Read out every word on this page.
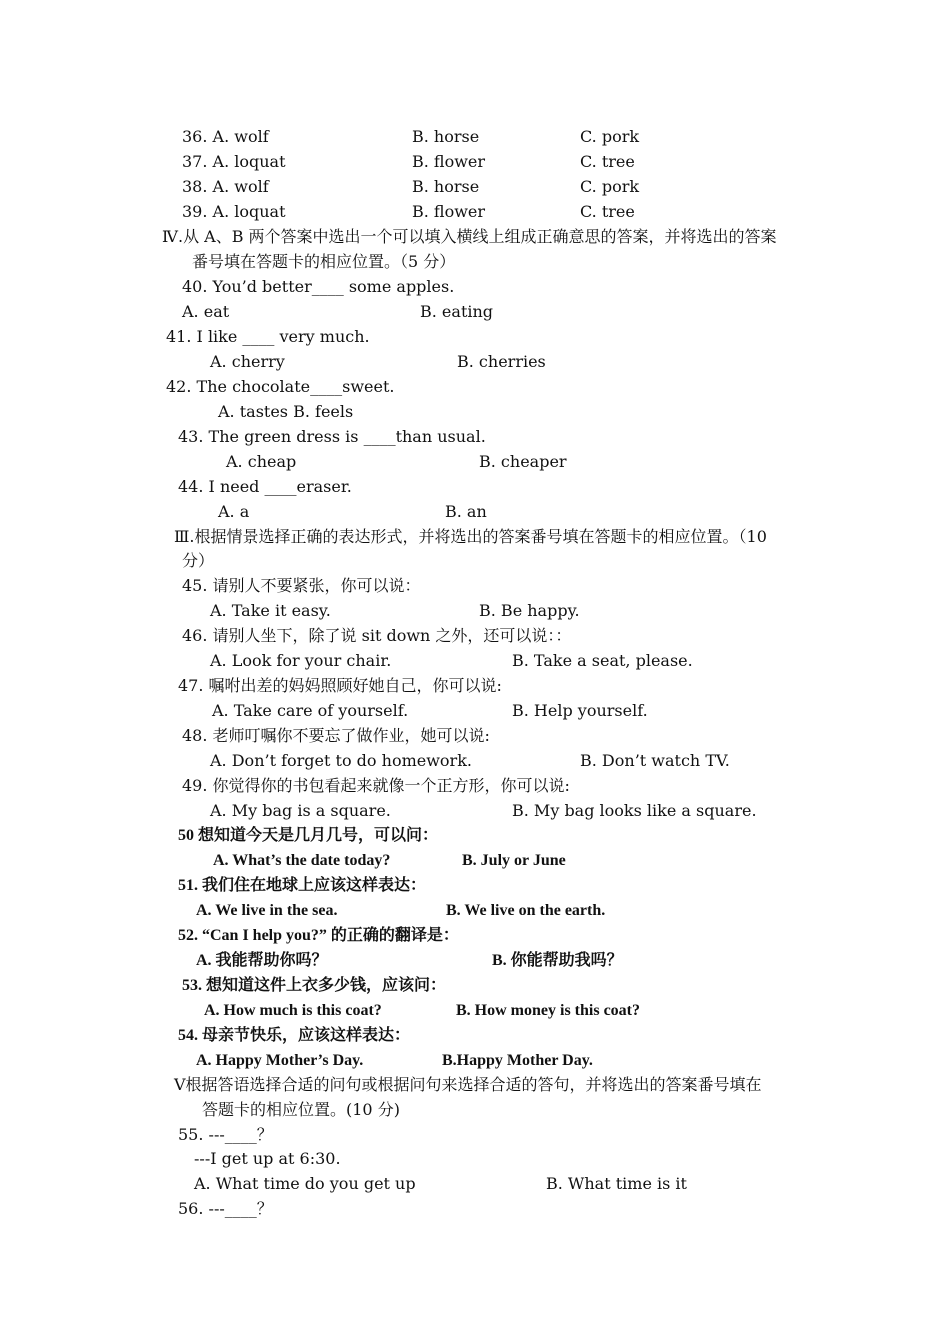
36. A. wolf	B. horse	C. pork
37. A. loquat	B. flower	C. tree
38. A. wolf	B. horse	C. pork
39. A. loquat	B. flower	C. tree
Ⅳ.从 A、B 两个答案中选出一个可以填入横线上组成正确意思的答案，并将选出的答案
番号填在答题卡的相应位置。（5 分）
40. You’d better____ some apples.
A. eat	B. eating
41. I like ____ very much.
A. cherry	B. cherries
42. The chocolate____sweet.
A. tastes B. feels
43. The green dress is ____than usual.
A. cheap	B. cheaper
44. I need ____eraser.
A. a	B. an
Ⅲ.根据情景选择正确的表达形式，并将选出的答案番号填在答题卡的相应位置。（10
分）
45. 请别人不要紧张，你可以说：
A. Take it easy.	B. Be happy.
46. 请别人坐下，除了说 sit down 之外，还可以说：：
A. Look for your chair.	B. Take a seat, please.
47. 嘱咐出差的妈妈照顾好她自己，你可以说:
A. Take care of yourself.	B. Help yourself.
48. 老师叮嘱你不要忘了做作业，她可以说:
A. Don’t forget to do homework.	B. Don’t watch TV.
49. 你觉得你的书包看起来就像一个正方形，你可以说:
A. My bag is a square.	B. My bag looks like a square.
50 想知道今天是几月几号，可以问：
A. What’s the date today?	B. July or June
51. 我们住在地球上应该这样表达：
A. We live in the sea.	B. We live on the earth.
52. “Can I help you?” 的正确的翻译是：
A. 我能帮助你吗？	B. 你能帮助我吗？
53. 想知道这件上衣多少钱，应该问：
A. How much is this coat?	B. How money is this coat?
54. 母亲节快乐，应该这样表达：
A. Happy Mother’s Day.	B.Happy Mother Day.
Ⅴ根据答语选择合适的问句或根据问句来选择合适的答句，并将选出的答案番号填在
答题卡的相应位置。(10 分)
55. ---____？
---I get up at 6:30.
A. What time do you get up	B. What time is it
56. ---____？
